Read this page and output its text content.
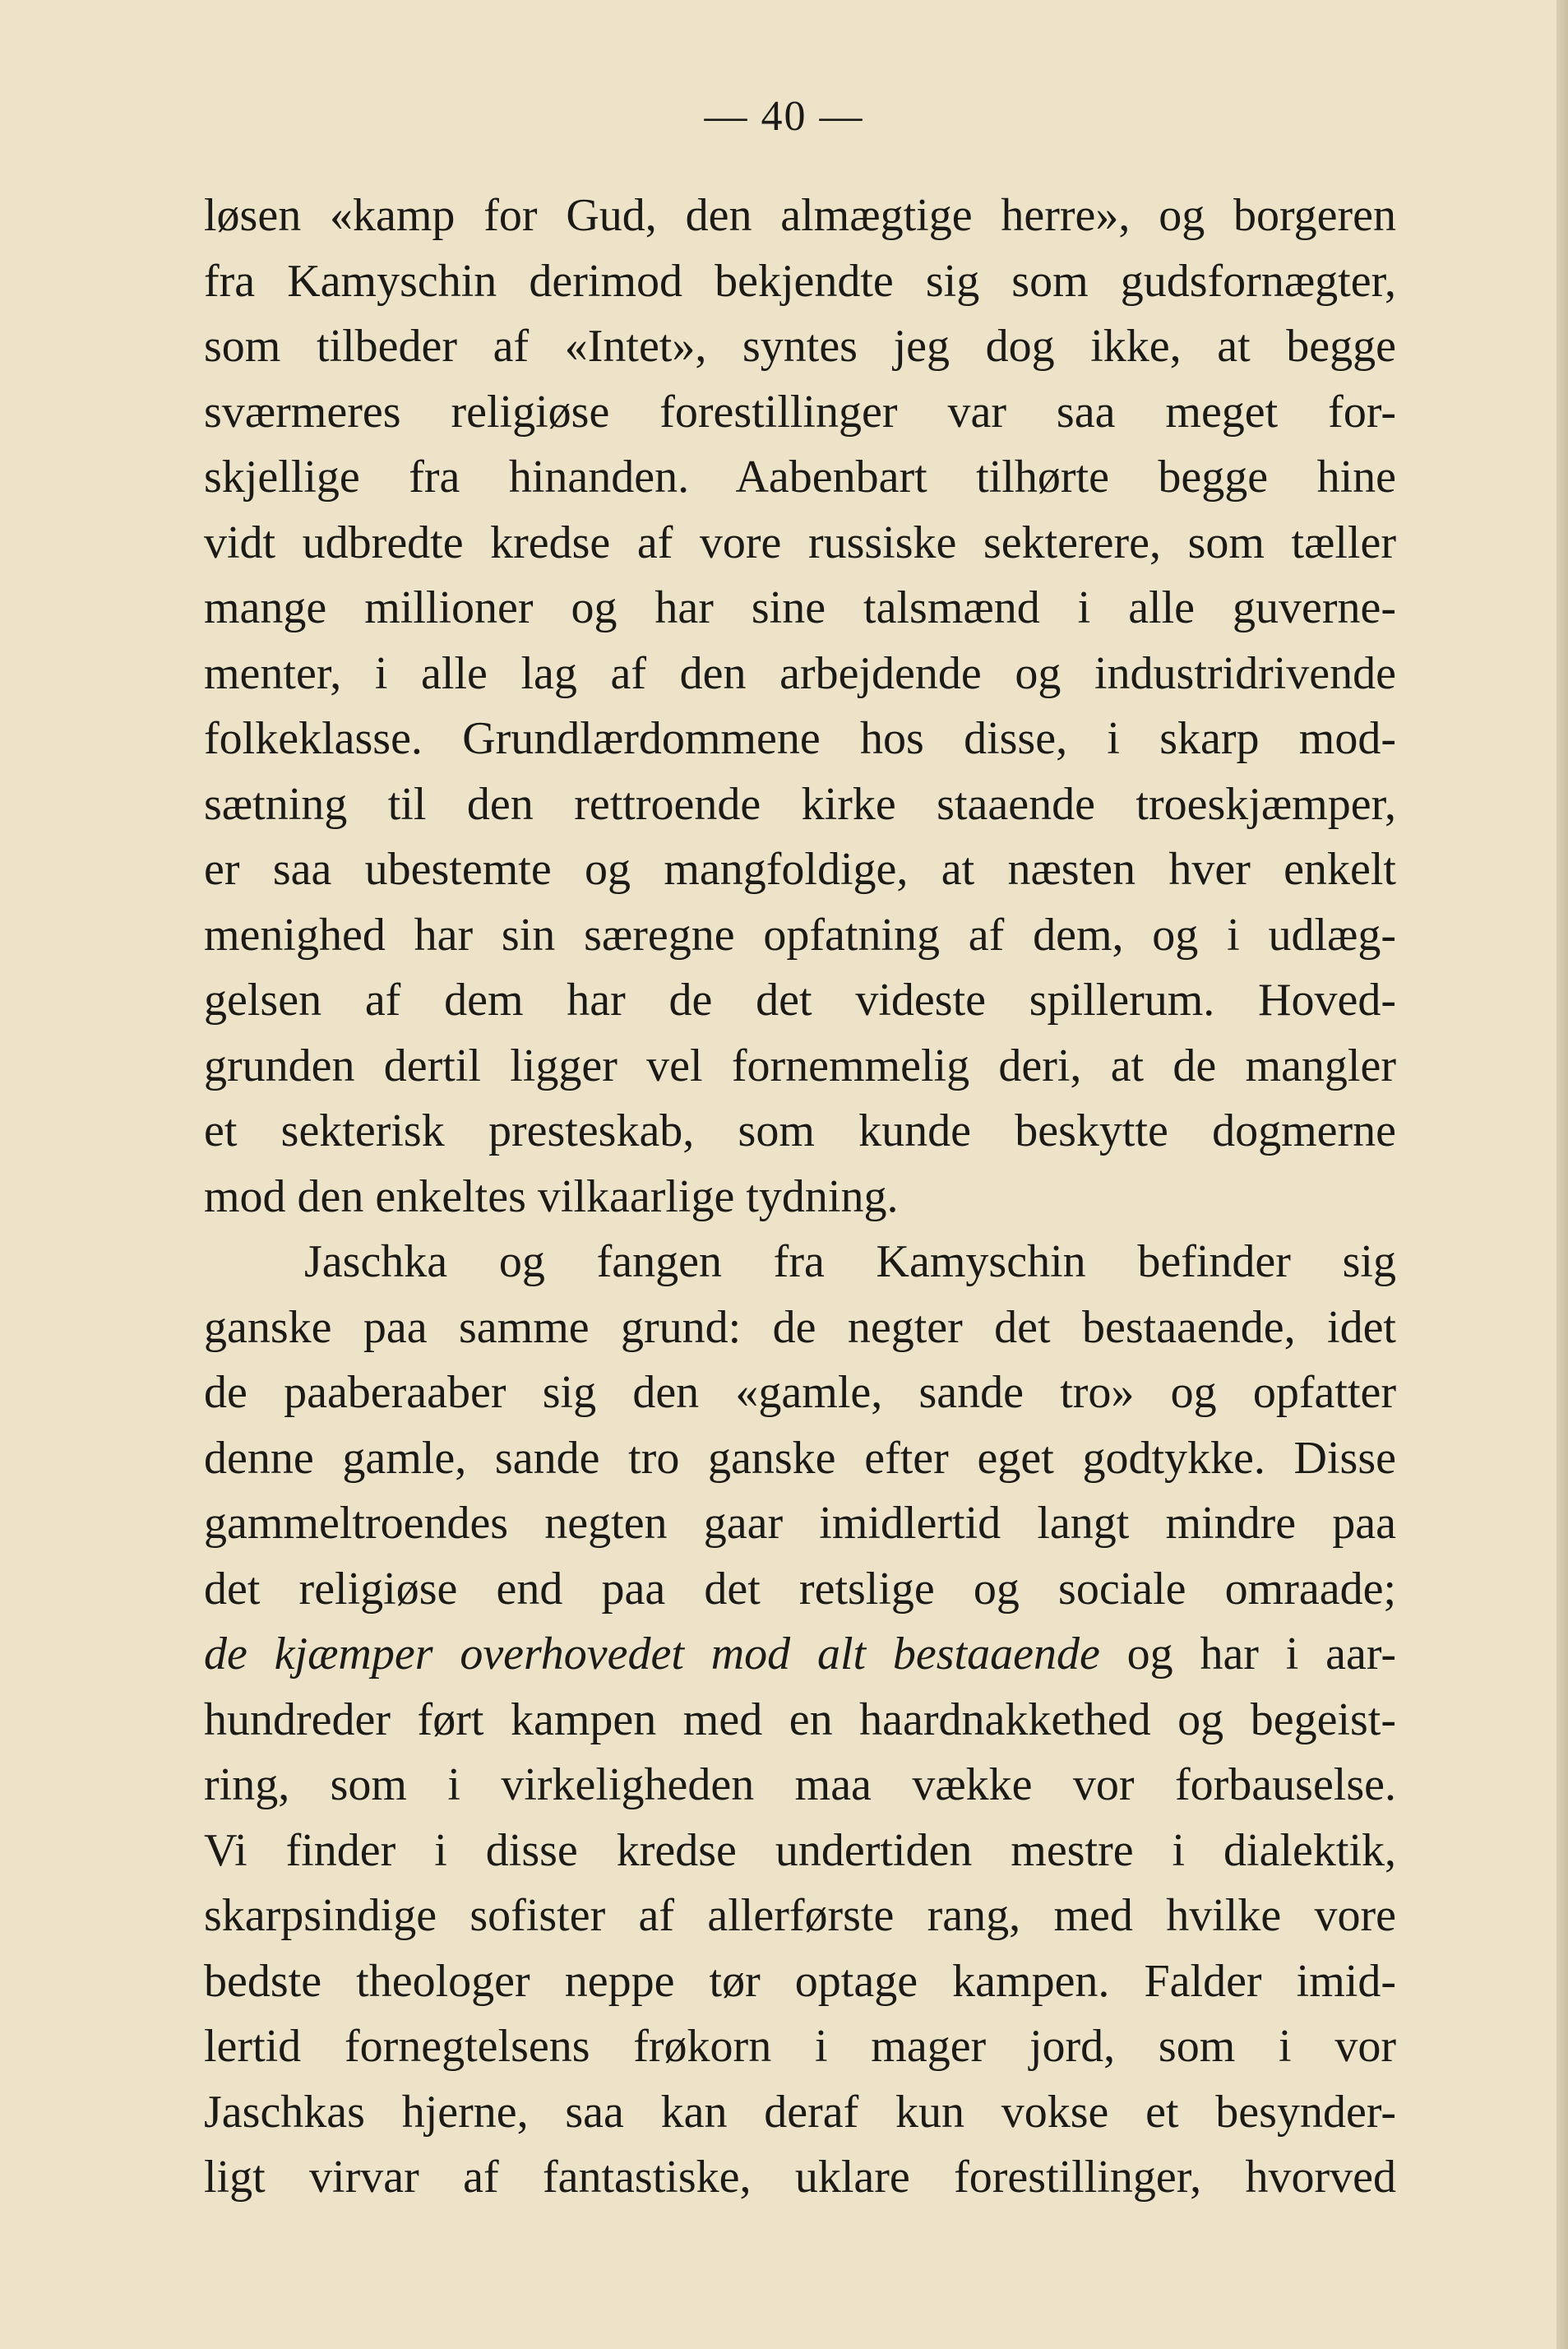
— 40 —
løsen «kamp for Gud, den almægtige herre», og borgeren
fra Kamyschin derimod bekjendte sig som gudsfornægter,
som tilbeder af «Intet», syntes jeg dog ikke, at begge
sværmeres religiøse forestillinger var saa meget for-
skjellige fra hinanden. Aabenbart tilhørte begge hine
vidt udbredte kredse af vore russiske sekterere, som tæller
mange millioner og har sine talsmænd i alle guverne-
menter, i alle lag af den arbejdende og industridrivende
folkeklasse. Grundlærdommene hos disse, i skarp mod-
sætning til den rettroende kirke staaende troeskjæmper,
er saa ubestemte og mangfoldige, at næsten hver enkelt
menighed har sin særegne opfatning af dem, og i udlæg-
gelsen af dem har de det videste spillerum. Hoved-
grunden dertil ligger vel fornemmelig deri, at de mangler
et sekterisk presteskab, som kunde beskytte dogmerne
mod den enkeltes vilkaarlige tydning.
Jaschka og fangen fra Kamyschin befinder sig
ganske paa samme grund: de negter det bestaaende, idet
de paaberaaber sig den «gamle, sande tro» og opfatter
denne gamle, sande tro ganske efter eget godtykke. Disse
gammeltroendes negten gaar imidlertid langt mindre paa
det religiøse end paa det retslige og sociale omraade;
de kjæmper overhovedet mod alt bestaaende og har i aar-
hundreder ført kampen med en haardnakkethed og begeist-
ring, som i virkeligheden maa vække vor forbauselse.
Vi finder i disse kredse undertiden mestre i dialektik,
skarpsindige sofister af allerførste rang, med hvilke vore
bedste theologer neppe tør optage kampen. Falder imid-
lertid fornegtelsens frøkorn i mager jord, som i vor
Jaschkas hjerne, saa kan deraf kun vokse et besynder-
ligt virvar af fantastiske, uklare forestillinger, hvorved
